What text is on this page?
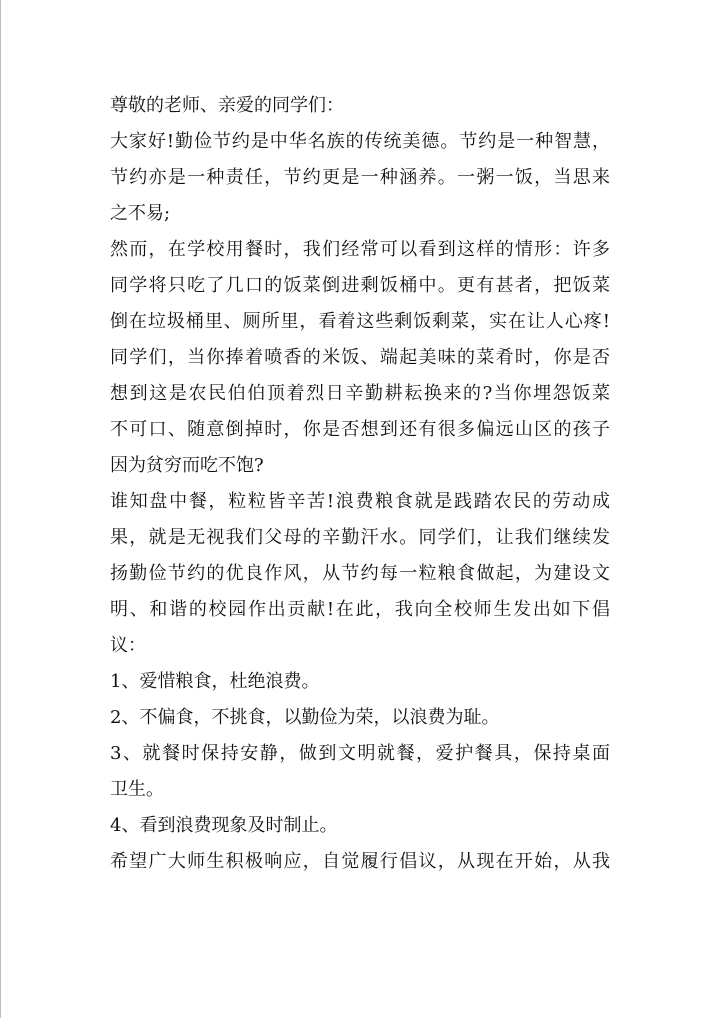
尊敬的老师、亲爱的同学们：
大家好!勤俭节约是中华名族的传统美德。节约是一种智慧，
节约亦是一种责任，节约更是一种涵养。一粥一饭，当思来
之不易;
然而，在学校用餐时，我们经常可以看到这样的情形：许多
同学将只吃了几口的饭菜倒进剩饭桶中。更有甚者，把饭菜
倒在垃圾桶里、厕所里，看着这些剩饭剩菜，实在让人心疼!
同学们，当你捧着喷香的米饭、端起美味的菜肴时，你是否
想到这是农民伯伯顶着烈日辛勤耕耘换来的?当你埋怨饭菜
不可口、随意倒掉时，你是否想到还有很多偏远山区的孩子
因为贫穷而吃不饱?
谁知盘中餐，粒粒皆辛苦!浪费粮食就是践踏农民的劳动成
果，就是无视我们父母的辛勤汗水。同学们，让我们继续发
扬勤俭节约的优良作风，从节约每一粒粮食做起，为建设文
明、和谐的校园作出贡献!在此，我向全校师生发出如下倡
议：
1、爱惜粮食，杜绝浪费。
2、不偏食，不挑食，以勤俭为荣，以浪费为耻。
3、就餐时保持安静，做到文明就餐，爱护餐具，保持桌面
卫生。
4、看到浪费现象及时制止。
希望广大师生积极响应，自觉履行倡议，从现在开始，从我
